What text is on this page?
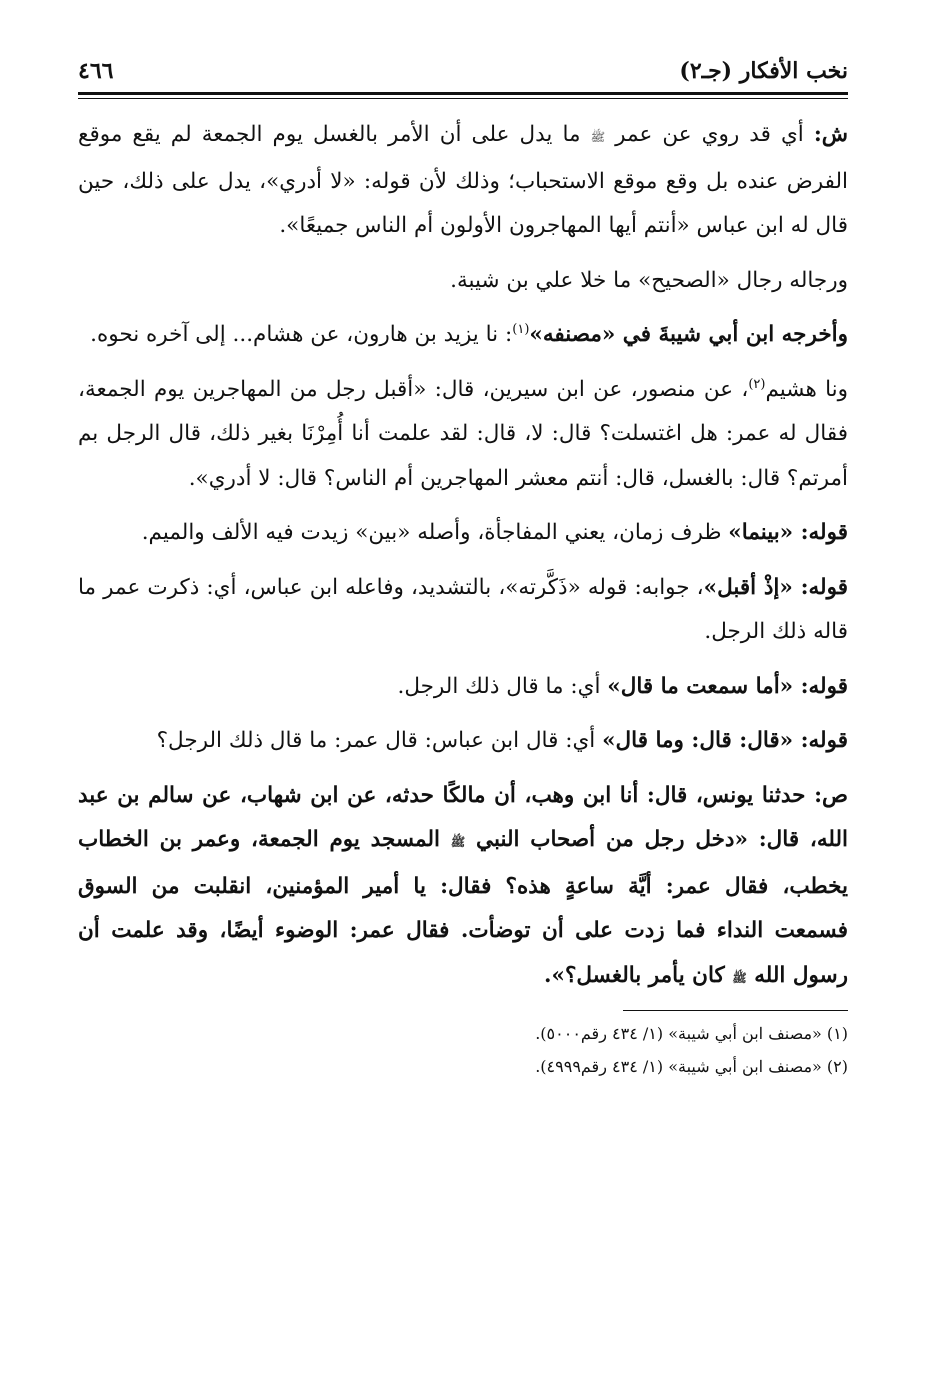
نخب الأفكار (جـ٢)
٤٦٦

ش: أي قد روي عن عمر ﷺ ما يدل على أن الأمر بالغسل يوم الجمعة لم يقع موقع الفرض عنده بل وقع موقع الاستحباب؛ وذلك لأن قوله: «لا أدري»، يدل على ذلك، حين قال له ابن عباس «أنتم أيها المهاجرون الأولون أم الناس جميعًا».

ورجاله رجال «الصحيح» ما خلا علي بن شيبة.

وأخرجه ابن أبي شيبةَ في «مصنفه»$^{(١)}$: نا يزيد بن هارون، عن هشام... إلى آخره نحوه.

ونا هشيم$^{(٢)}$، عن منصور، عن ابن سيرين، قال: «أقبل رجل من المهاجرين يوم الجمعة، فقال له عمر: هل اغتسلت؟ قال: لا، قال: لقد علمت أنا أُمِرْنَا بغير ذلك، قال الرجل بم أمرتم؟ قال: بالغسل، قال: أنتم معشر المهاجرين أم الناس؟ قال: لا أدري».

قوله: «بينما» ظرف زمان، يعني المفاجأة، وأصله «بين» زيدت فيه الألف والميم.

قوله: «إذْ أقبل»، جوابه: قوله «ذَكَّرته»، بالتشديد، وفاعله ابن عباس، أي: ذكرت عمر ما قاله ذلك الرجل.

قوله: «أما سمعت ما قال» أي: ما قال ذلك الرجل.

قوله: «قال: قال: وما قال» أي: قال ابن عباس: قال عمر: ما قال ذلك الرجل؟

ص: حدثنا يونس، قال: أنا ابن وهب، أن مالكًا حدثه، عن ابن شهاب، عن سالم بن عبد الله، قال: «دخل رجل من أصحاب النبي ﷺ المسجد يوم الجمعة، وعمر بن الخطاب يخطب، فقال عمر: أيَّة ساعةٍ هذه؟ فقال: يا أمير المؤمنين، انقلبت من السوق فسمعت النداء فما زدت على أن توضأت. فقال عمر: الوضوء أيضًا، وقد علمت أن رسول الله ﷺ كان يأمر بالغسل؟».

(١) «مصنف ابن أبي شيبة» (١/ ٤٣٤ رقم٥٠٠٠).

(٢) «مصنف ابن أبي شيبة» (١/ ٤٣٤ رقم٤٩٩٩).
